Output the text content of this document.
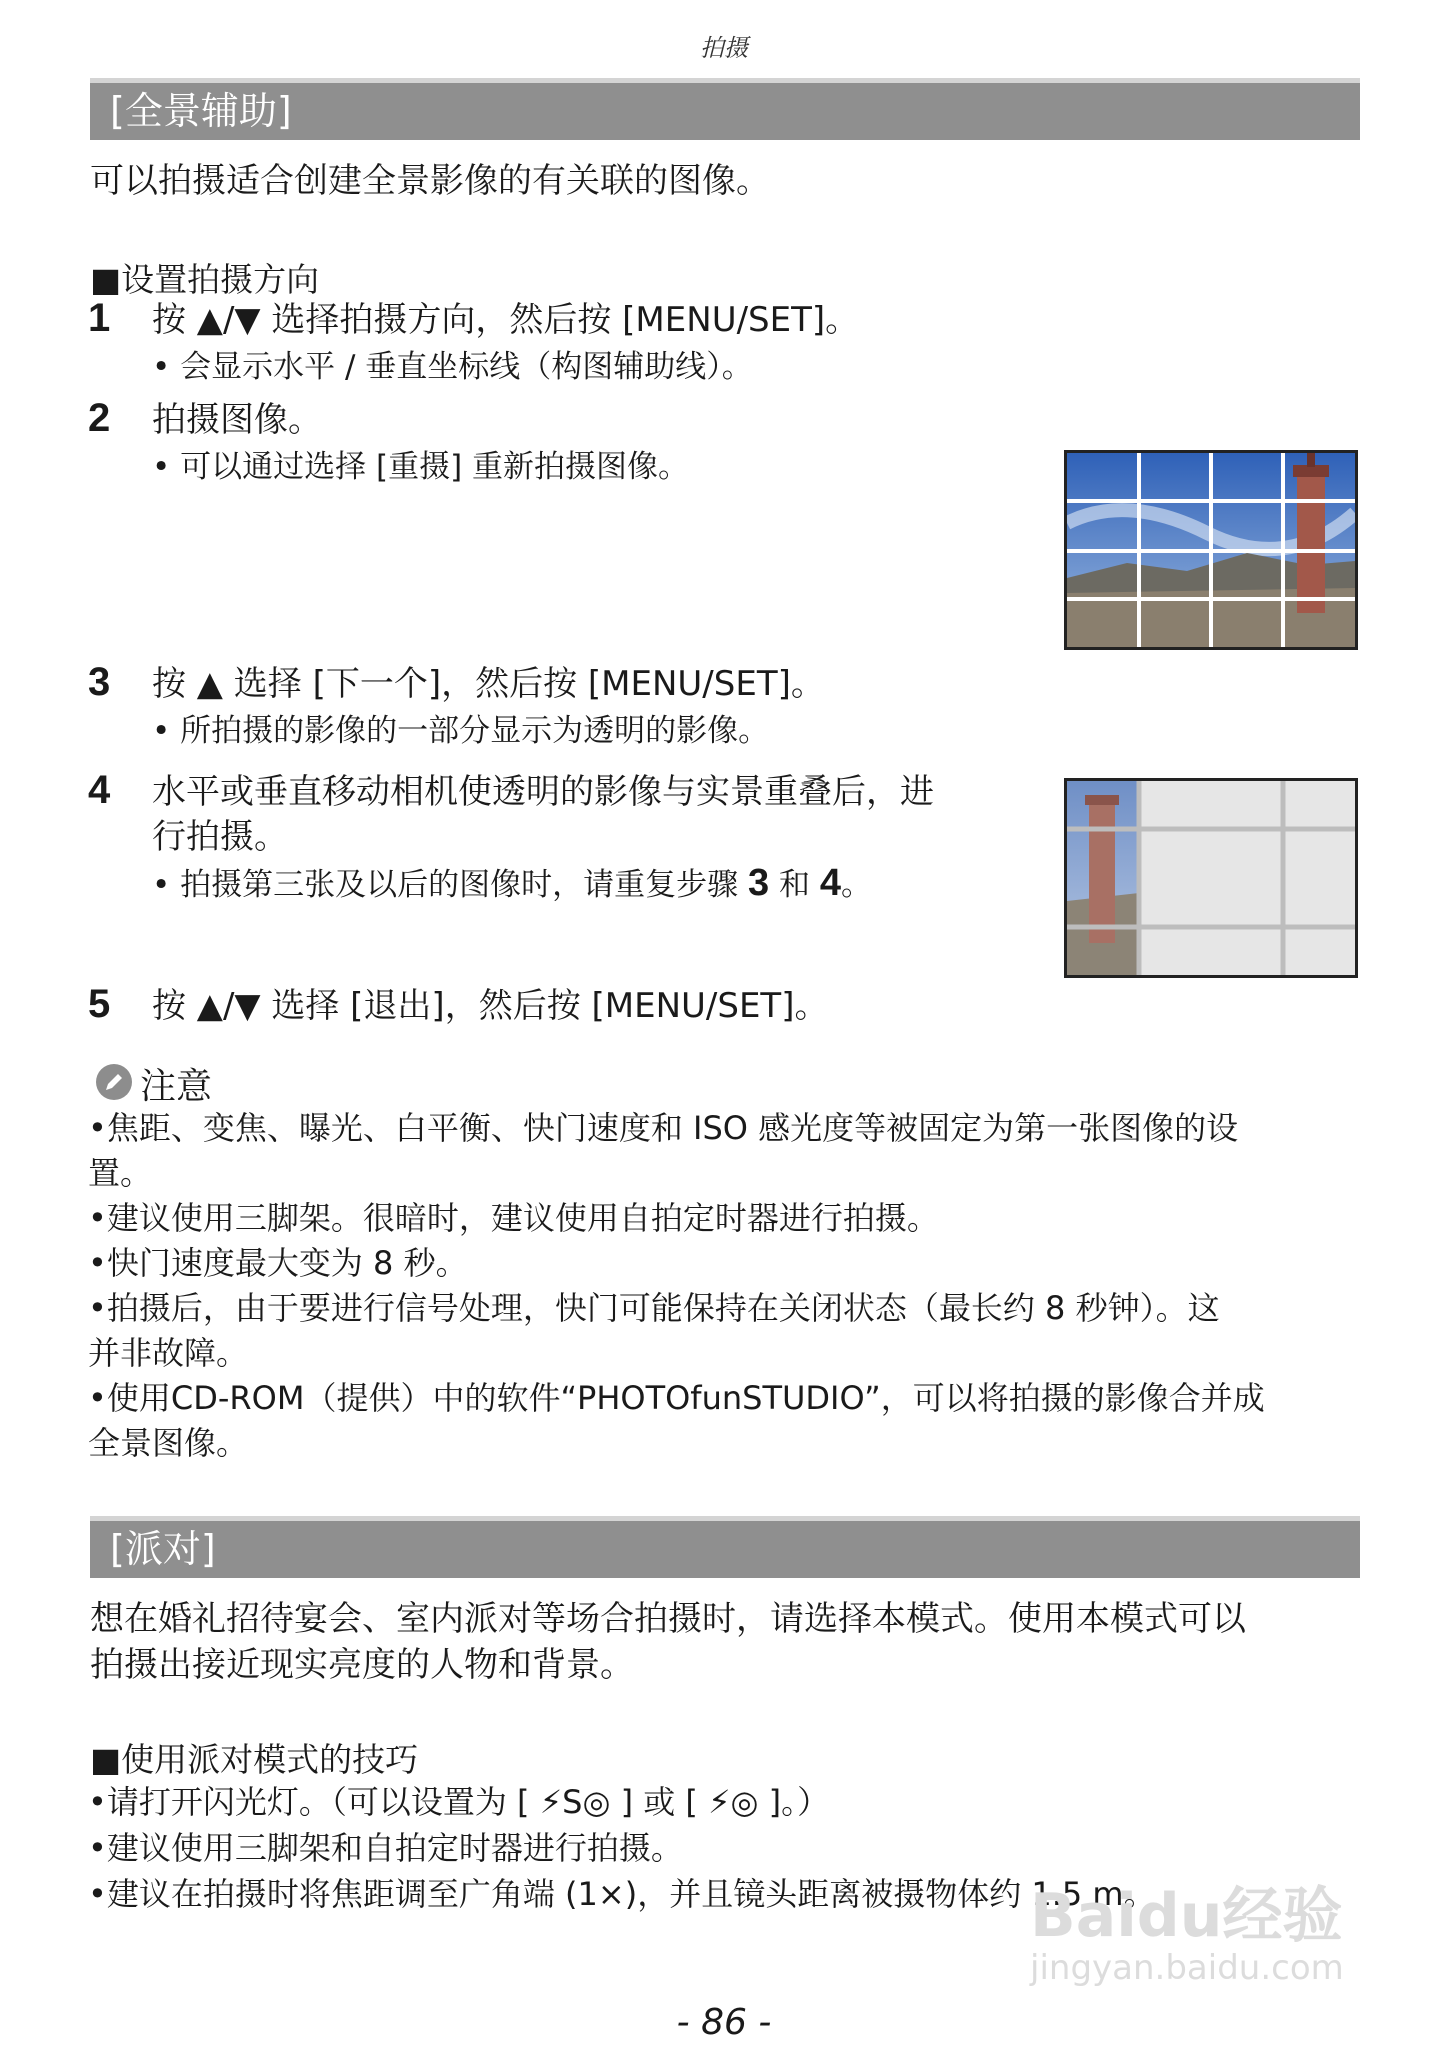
拍摄
[全景辅助]
可以拍摄适合创建全景影像的有关联的图像。
■设置拍摄方向
1 按 ▲/▼ 选择拍摄方向，然后按 [MENU/SET]。
• 会显示水平 / 垂直坐标线（构图辅助线）。
2 拍摄图像。
• 可以通过选择 [重摄] 重新拍摄图像。
3 按 ▲ 选择 [下一个]，然后按 [MENU/SET]。
• 所拍摄的影像的一部分显示为透明的影像。
4 水平或垂直移动相机使透明的影像与实景重叠后，进
行拍摄。
• 拍摄第三张及以后的图像时，请重复步骤 3 和 4。
5 按 ▲/▼ 选择 [退出]，然后按 [MENU/SET]。
注意
•焦距、变焦、曝光、白平衡、快门速度和 ISO 感光度等被固定为第一张图像的设
置。
•建议使用三脚架。很暗时，建议使用自拍定时器进行拍摄。
•快门速度最大变为 8 秒。
•拍摄后，由于要进行信号处理，快门可能保持在关闭状态（最长约 8 秒钟）。这
并非故障。
•使用CD-ROM（提供）中的软件“PHOTOfunSTUDIO”，可以将拍摄的影像合并成
全景图像。
[派对]
想在婚礼招待宴会、室内派对等场合拍摄时，请选择本模式。使用本模式可以
拍摄出接近现实亮度的人物和背景。
■使用派对模式的技巧
•请打开闪光灯。（可以设置为 [ ⚡S◎ ] 或 [ ⚡◎ ]。）
•建议使用三脚架和自拍定时器进行拍摄。
•建议在拍摄时将焦距调至广角端 (1×)，并且镜头距离被摄物体约 1.5 m。
Baidu经验
jingyan.baidu.com
- 86 -
